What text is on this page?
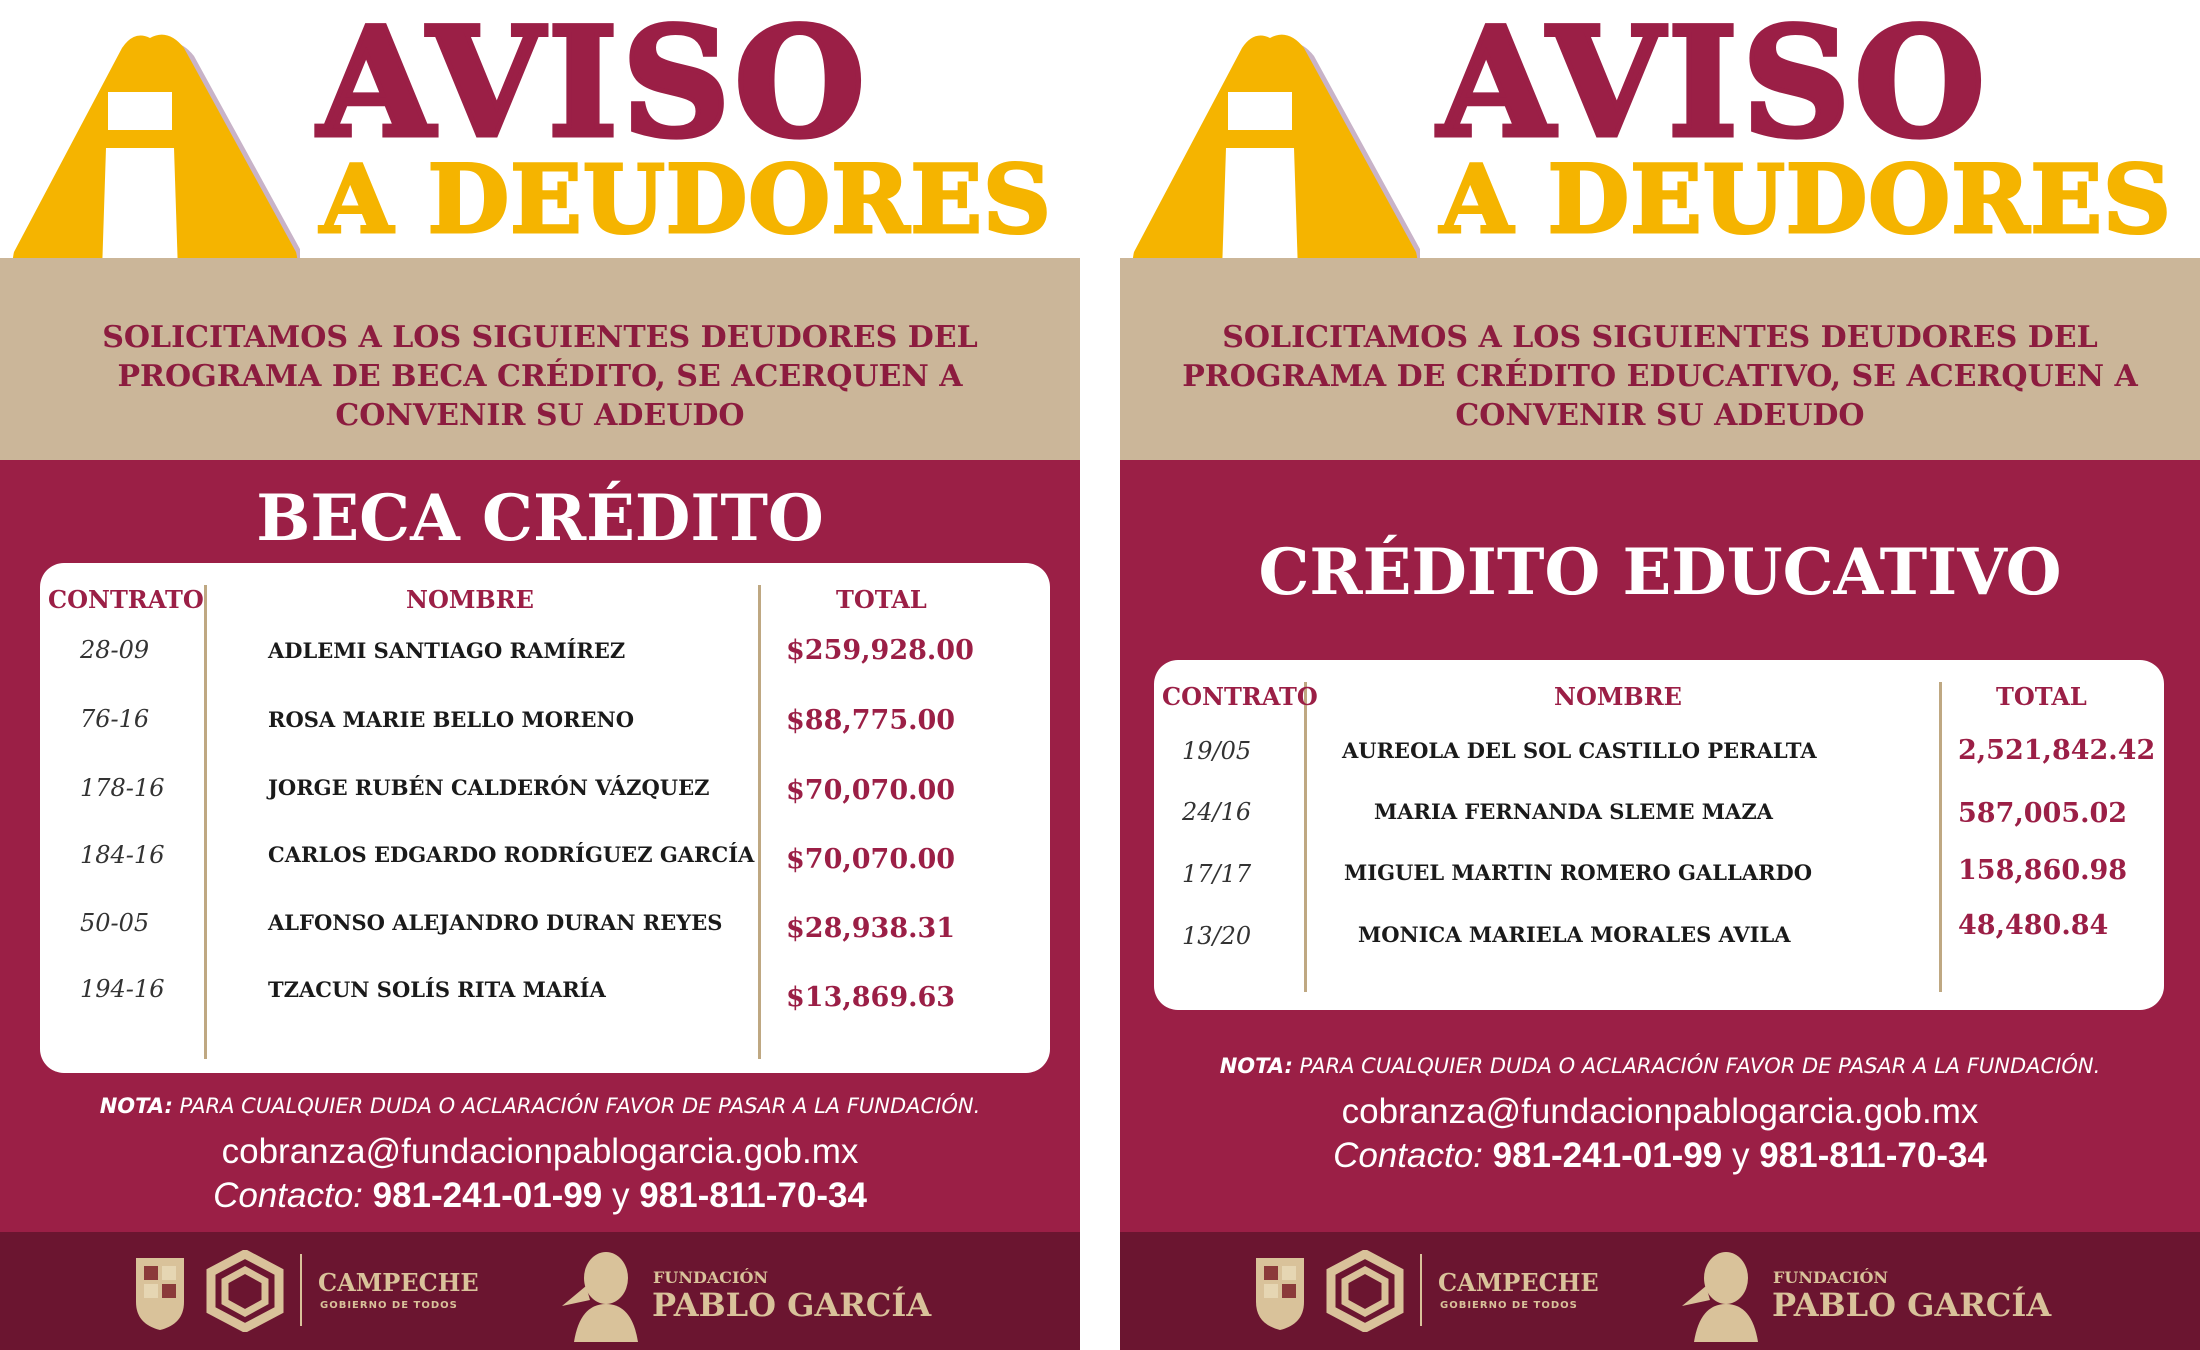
AVISO
A DEUDORES
SOLICITAMOS A LOS SIGUIENTES DEUDORES DEL
PROGRAMA DE BECA CRÉDITO, SE ACERQUEN A
CONVENIR SU ADEUDO
BECA CRÉDITO
CONTRATO	NOMBRE	TOTAL
28-09	ADLEMI SANTIAGO RAMÍREZ	$259,928.00
76-16	ROSA MARIE BELLO MORENO	$88,775.00
178-16	JORGE RUBÉN CALDERÓN VÁZQUEZ	$70,070.00
184-16	CARLOS EDGARDO RODRÍGUEZ GARCÍA $70,070.00
50-05	ALFONSO ALEJANDRO DURAN REYES $28,938.31
194-16	TZACUN SOLÍS RITA MARÍA	$13,869.63
NOTA: PARA CUALQUIER DUDA O ACLARACIÓN FAVOR DE PASAR A LA FUNDACIÓN.
cobranza@fundacionpablogarcia.gob.mx
Contacto: 981-241-01-99 y 981-811-70-34
CAMPECHE
GOBIERNO DE TODOS
FUNDACIÓN
PABLO GARCÍA
AVISO
A DEUDORES
SOLICITAMOS A LOS SIGUIENTES DEUDORES DEL
PROGRAMA DE CRÉDITO EDUCATIVO, SE ACERQUEN A
CONVENIR SU ADEUDO
CRÉDITO EDUCATIVO
CONTRATO	NOMBRE	TOTAL
19/05	AUREOLA DEL SOL CASTILLO PERALTA	2,521,842.42
24/16	MARIA FERNANDA SLEME MAZA	587,005.02
17/17	MIGUEL MARTIN ROMERO GALLARDO	158,860.98
13/20	MONICA MARIELA MORALES AVILA	48,480.84
NOTA: PARA CUALQUIER DUDA O ACLARACIÓN FAVOR DE PASAR A LA FUNDACIÓN.
cobranza@fundacionpablogarcia.gob.mx
Contacto: 981-241-01-99 y 981-811-70-34
CAMPECHE
GOBIERNO DE TODOS
FUNDACIÓN
PABLO GARCÍA
